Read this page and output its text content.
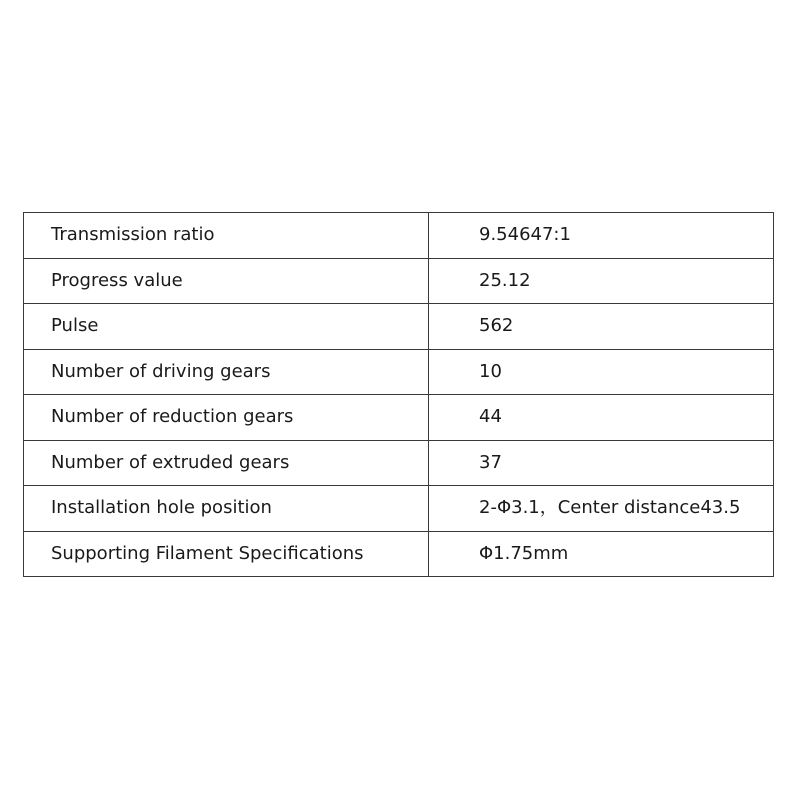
Transmission ratio	9.54647:1
Progress value	25.12
Pulse	562
Number of driving gears	10
Number of reduction gears	44
Number of extruded gears	37
Installation hole position	2-Φ3.1，Center distance43.5
Supporting Filament Specifications	Φ1.75mm
